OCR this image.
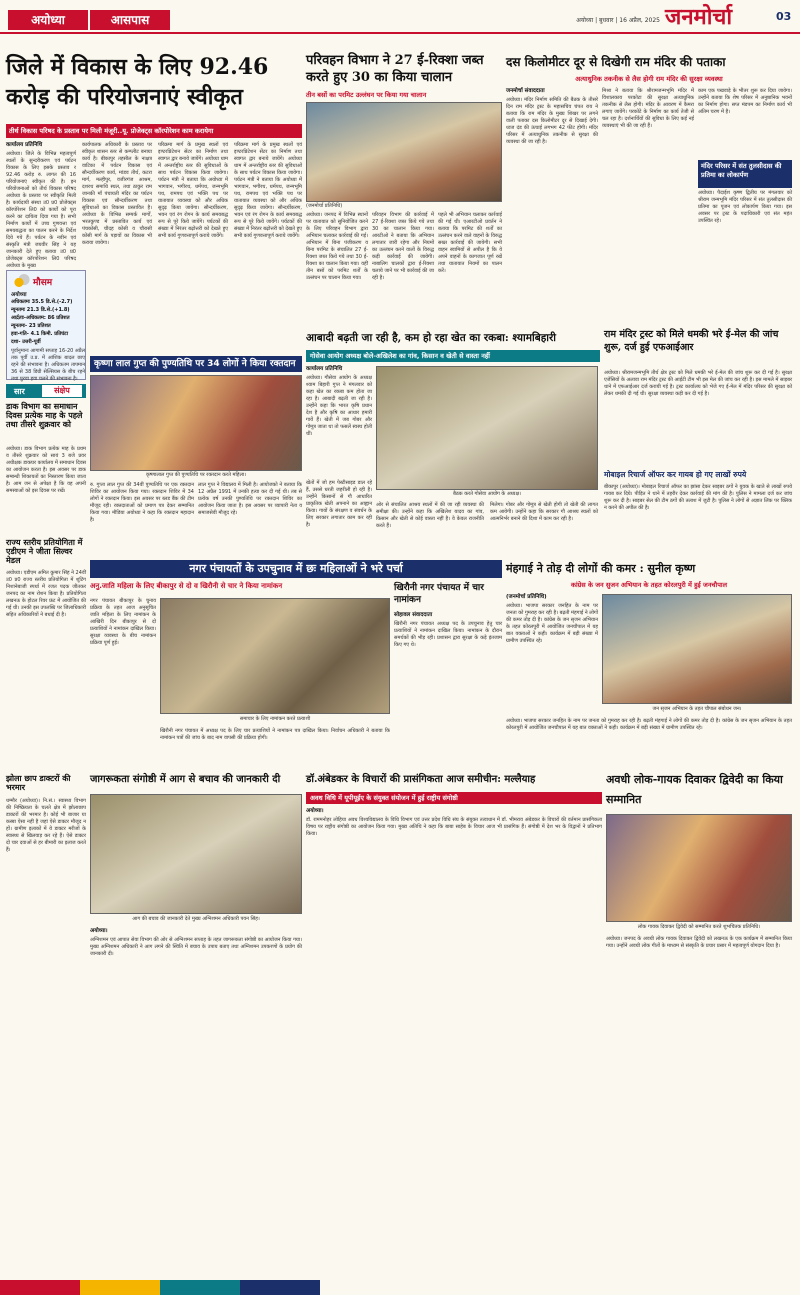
अयोध्या	आसपास	अयोध्या | बुधवार | 16 अप्रैल, 2025 जनमोर्चा	03
जिले में विकास के लिए 92.46 करोड़ की परियोजनाएं स्वीकृत
तीर्थ विकास परिषद के प्रस्ताव पर मिली मंजूरी..यू. प्रोजेक्ट्स कॉरपोरेशन काम करायेगा
कार्यालय प्रतिनिधि
अयोध्या। जिले के विभिन्न महत्वपूर्ण स्थलों के सुन्दरीकरण एवं पर्यटन विकास के लिए इसके प्रस्ताव र 92.46 करोड़ रु. लागत की 16 परियोजनाएं स्वीकृत की है। इन परियोजनाओं को तीर्थ विकास परिषद अयोध्या के प्रस्ताव पर स्वीकृति मिली है। कार्यदायी संस्था उ0 प्र0 प्रोजेक्ट्स कॉरपोरेशन लि0 को कार्यों को पूरा करने का दायित्व दिया गया है। सभी निर्माण कार्यों में उच्च गुणवत्ता एवं समयबद्धता का पालन करने के निर्देश दिये गये हैं। पर्यटन के नवीन एवं संस्कृति मंत्री जयवीर सिंह ने यह जानकारी देते हुए बताया उ0 प्र0 प्रोजेक्ट्स कॉरपोरेशन लि0 परिषद अयोध्या के मुख्य
कार्यपालक अधिकारी के प्रस्ताव पर स्वीकृत शासन स्तर से कम्प्लीट बनाया कार्य है। बीकापुर तहसील के नाक्षत्र वाटिका में पर्यटन विकास एवं सौन्दर्यीकरण कार्य, मांडव तीर्थ, कटरा मार्ग, मल्हीपुर, वजीरगंज आश्रम, दशरथ समाधि स्थल, तथा ठाकुर राम जानकी माँ पंचायती मंदिर का पर्यटन विकास एवं सौन्दर्यीकरण तथा सुविधाओं का विकास प्रस्तावित है। अयोध्या के विभिन्न सम्पर्क मार्गों, भरतकुण्ड में प्रस्तावित कार्य एवं पंचकोसी, चौदह कोसी व चौरासी कोसी मार्ग के पड़ावों का विकास भी कराया जायेगा।
परिक्रमा मार्ग के प्रमुख स्थलों एवं इण्टरप्रिटेशन सेंटर का निर्माण तथा स्वागत द्वार बनाये जायेंगे। अयोध्या धाम में अन्तर्राष्ट्रीय स्तर की सुविधाओं के साथ पर्यटन विकास किया जायेगा। पर्यटन मंत्री ने बताया कि अयोध्या में भागवान, भगीरथ, धर्मपथ, जन्मभूमि पथ, रामपथ एवं भक्ति पथ पर यातायात व्यवस्था को और अधिक सुदृढ़ किया जायेगा। सौन्दर्यीकरण, भवन एवं रंग रोगन के कार्य समयबद्ध रूप से पूरे किये जायेंगे। पर्यटकों की संख्या में निरंतर बढ़ोत्तरी को देखते हुए सभी कार्य गुणवत्तापूर्ण कराये जायेंगे।
परिक्रमा मार्ग के प्रमुख स्थलों एवं इण्टरप्रिटेशन सेंटर का निर्माण तथा स्वागत द्वार बनाये जायेंगे। अयोध्या धाम में अन्तर्राष्ट्रीय स्तर की सुविधाओं के साथ पर्यटन विकास किया जायेगा। पर्यटन मंत्री ने बताया कि अयोध्या में भागवान, भगीरथ, धर्मपथ, जन्मभूमि पथ, रामपथ एवं भक्ति पथ पर यातायात व्यवस्था को और अधिक सुदृढ़ किया जायेगा। सौन्दर्यीकरण, भवन एवं रंग रोगन के कार्य समयबद्ध रूप से पूरे किये जायेंगे। पर्यटकों की संख्या में निरंतर बढ़ोत्तरी को देखते हुए सभी कार्य गुणवत्तापूर्ण कराये जायेंगे।
मौसम
अयोध्या
अधिकतमः 35.5 डि.से.(-2.7)
न्यूनतमः 21.3 डि.से.(+1.8)
आर्द्रताः-अधिकतम: 86 प्रतिशत
न्यूनतमः- 23 प्रतिशत
हवा-गति- 4.1 किमी. प्रतिघंटा
दशा- उत्तरी-पूर्वी
पूर्वानुमानः आगामी सप्ताह 16-20 अप्रैल तक पूर्वी उ.प्र. में आंशिक बादल छाए रहने की संभावना है। अधिकतम तापमान 36 से 38 डिग्री सेल्सियस के बीच रहने तथा पुरवा हवा चलने की संभावना है।
सार	संक्षेप
डाक विभाग का समाधान दिवस प्रत्येक माह के पहले तथा तीसरे शुक्रवार को
अयोध्या। डाक विभाग प्रत्येक माह के प्रथम व तीसरे शुक्रवार को सायं 3 बजे प्रवर अधीक्षक डाकघर कार्यालय में समाधान दिवस का आयोजन करता है। इस अवसर पर डाक सम्बन्धी शिकायतों का निस्तारण किया जाता है। आम जन से अपेक्षा है कि वह अपनी समस्याओं को इस दिवस पर रखें।
राज्य स्तरीय प्रतियोगिता में एडीएम ने जीता सिल्वर मेडल
अयोध्या। एडीएम अमित कुमार सिंह ने 24वीं उ0 प्र0 राज्य स्तरीय प्रतियोगिता में शूटिंग निशानेबाजी स्पर्धा में रजत पदक जीतकर जनपद का नाम रोशन किया है। प्रतियोगिता लखनऊ के होटल रिवर फ्रंट में आयोजित की गई थी। उनकी इस उपलब्धि पर जिलाधिकारी सहित अधिकारियों ने बधाई दी है।
झोला छाप डाक्टरों की भरमार
धम्मौर (अयोध्या)। नि.सं.। स्वास्थ्य विभाग की निष्क्रियता के चलते क्षेत्र में झोलाछाप डाक्टरों की भरमार है। कोई भी बाजार या कस्बा ऐसा नहीं है जहां ऐसे डाक्टर मौजूद न हों। ग्रामीण इलाकों में ये डाक्टर मरीजों के स्वास्थ्य से खिलवाड़ कर रहे हैं। ऐसे डाक्टर दो चार दवाओं से हर बीमारी का इलाज करते हैं।
कृष्णा लाल गुप्त की पुण्यतिथि पर 34 लोगों ने किया रक्तदान
कृष्णालाल गुप्त की पुण्यतिथि पर रक्तदान करते महिला।
रु. गुप्ता लाल गुप्त की 34वीं पुण्यतिथि पर एक रक्तदान शिविर का आयोजन किया गया। रक्तदान शिविर में 34 लोगों ने रक्तदान किया। इस अवसर पर ब्लड बैंक की टीम मौजूद रही। रक्तदाताओं को प्रमाण पत्र देकर सम्मानित किया गया। मीडिया अयोध्या ने कहा कि रक्तदान महादान है।
लाल गुप्त ने विद्यालय में मिली है। आयोजको ने बताया कि 12 अप्रैल 1991 में उनकी हत्या कर दी गई थी। तब से प्रत्येक वर्ष उनकी पुण्यतिथि पर रक्तदान शिविर का आयोजन किया जाता है। इस अवसर पर व्यापारी नेता व समाजसेवी मौजूद रहे।
परिवहन विभाग ने 27 ई-रिक्शा जब्त करते हुए 30 का किया चालान
तीन बसों का परमिट उल्लंघन पर किया गया चालान
(जनमोर्चा प्रतिनिधि)
अयोध्या। जनपद में विभिन्न स्थानों पर यातायात को सुनियोजित करने के लिए परिवहन विभाग द्वारा अभियान चलाकर कार्रवाई की गई। अभियान में बिना पंजीकरण व बिना परमिट के संचालित 27 ई-रिक्शा जब्त किये गये तथा 30 ई-रिक्शा का चालान किया गया। वहीं तीन बसों को परमिट शर्तों के उल्लंघन पर चालान किया गया।
परिवहन विभाग की कार्रवाई में 27 ई-रिक्शा जब्त किये गये तथा 30 का चालान किया गया। आरटीओ ने बताया कि अभियान लगातार जारी रहेगा और नियमों का उल्लंघन करने वालों के विरुद्ध कड़ी कार्रवाई की जायेगी। नाबालिग चालकों द्वारा ई-रिक्शा चलाये जाने पर भी कार्रवाई की जा रही है।
पहले भी अभियान चलाकर कार्रवाई की गई थी। एआरटीओ प्रवर्तन ने बताया कि परमिट की शर्तों का उल्लंघन करने वाले वाहनों के विरुद्ध सख्त कार्रवाई की जायेगी। सभी वाहन स्वामियों से अपील है कि वे अपने वाहनों के कागजात पूर्ण रखें तथा यातायात नियमों का पालन करें।
आबादी बढ़ती जा रही है, कम हो रहा खेत का रकबा: श्यामबिहारी
गोसेवा आयोग अध्यक्ष बोले-अखिलेश का गांव, किसान व खेती से वास्ता नहीं
कार्यालय प्रतिनिधि
अयोध्या। गौसेवा आयोग के अध्यक्ष श्याम बिहारी गुप्त ने मंगलवार को कहा खेत का रकबा कम होता जा रहा है। आबादी बढ़ती जा रही है। उन्होंने कहा कि भारत कृषि प्रधान देश है और कृषि का आधार हमारी गायें हैं। खेती में जब गोबर और गोमूत्र जाता था तो फसलें स्वस्थ होती थीं।
बैठक करते गोसेवा आयोग के अध्यक्ष।
खेतों में जो हम पेस्टीसाइड डाल रहे हैं, उससे धरती जहरीली हो रही है। उन्होंने किसानों से गौ आधारित प्राकृतिक खेती अपनाने का आह्वान किया। गायों के संरक्षण व संवर्धन के लिए सरकार लगातार काम कर रही है।
ओर से संचालित आश्रय स्थलों में की जा रही व्यवस्था की समीक्षा की। उन्होंने कहा कि अखिलेश यादव का गांव, किसान और खेती से कोई वास्ता नहीं है। वे केवल राजनीति करते हैं।
मिलेगा। गोबर और गोमूत्र से खेती होगी तो खेती की लागत कम आयेगी। उन्होंने कहा कि सरकार गौ आश्रय स्थलों को आत्मनिर्भर बनाने की दिशा में काम कर रही है।
दस किलोमीटर दूर से दिखेगी राम मंदिर की पताका
अत्याधुनिक तकनीक से लैस होगी राम मंदिर की सुरक्षा व्यवस्था
जनमोर्चा संवाददाता
अयोध्या। मंदिर निर्माण समिति की बैठक के तीसरे दिन राम मंदिर ट्रस्ट के महासचिव चंपत राय ने बताया कि राम मंदिर के मुख्य शिखर पर लगने वाली पताका दस किलोमीटर दूर से दिखाई देगी। ध्वज दंड की ऊंचाई लगभग 42 फीट होगी। मंदिर परिसर में अत्याधुनिक तकनीक से सुरक्षा की व्यवस्था की जा रही है।
मिश्रा ने बताया कि श्रीरामजन्मभूमि मंदिर में विशालकाय परकोटा की सुरक्षा अत्याधुनिक तकनीक से लैस होगी। मंदिर के आवरण में कैमरा लगाए जायेंगे। परकोटे के निर्माण का कार्य तेजी से चल रहा है। दर्शनार्थियों की सुविधा के लिए कई नई व्यवस्थाएं भी की जा रही हैं।
काम एक पखवाड़े के भीतर शुरू कर दिया जायेगा। उन्होंने बताया कि शेष परिसर में अनुष्ठानिक भवनों का निर्माण होगा। सप्त मंडपम का निर्माण कार्य भी अंतिम चरण में है।
मंदिर परिसर में संत तुलसीदास की प्रतिमा का लोकार्पण
अयोध्या। पैदाईश कृष्ण द्वितीय पर मंगलवार को श्रीराम जन्मभूमि मंदिर परिसर में संत तुलसीदास की प्रतिमा का पूजन एवं लोकार्पण किया गया। इस अवसर पर ट्रस्ट के पदाधिकारी एवं संत महंत उपस्थित रहे।
राम मंदिर ट्रस्ट को मिले धमकी भरे ई-मेल की जांच शुरू, दर्ज हुई एफआईआर
अयोध्या। श्रीरामजन्मभूमि तीर्थ क्षेत्र ट्रस्ट को मिले धमकी भरे ई-मेल की जांच शुरू कर दी गई है। सुरक्षा एजेंसियों के अलावा राम मंदिर ट्रस्ट की आईटी टीम भी इस मेल की जांच कर रही है। इस मामले में साइबर थाने में एफआईआर दर्ज करायी गई है। ट्रस्ट कार्यालय को भेजे गए ई-मेल में मंदिर परिसर की सुरक्षा को लेकर धमकी दी गई थी। सुरक्षा व्यवस्था कड़ी कर दी गई है।
मोबाइल रिचार्ज ऑफर कर गायब हो गए लाखों रुपये
बीकापुर (अयोध्या)। मोबाइल रिचार्ज ऑफर का झांसा देकर साइबर ठगों ने युवक के खाते से लाखों रुपये गायब कर दिये। पीड़ित ने थाने में तहरीर देकर कार्रवाई की मांग की है। पुलिस ने मामला दर्ज कर जांच शुरू कर दी है। साइबर सेल की टीम ठगों की तलाश में जुटी है। पुलिस ने लोगों से अज्ञात लिंक पर क्लिक न करने की अपील की है।
नगर पंचायतों के उपचुनाव में छः महिलाओं ने भरे पर्चा
अनु.जाति महिला के लिए बीकापुर से दो व खिरौनी से चार ने किया नामांकन
नगर पंचायत बीकापुर के चुनाव प्रक्रिया के तहत आज अनुसूचित जाति महिला के लिए नामांकन के आखिरी दिन बीकापुर से दो प्रत्याशियों ने नामांकन दाखिल किया। सुरक्षा व्यवस्था के बीच नामांकन प्रक्रिया पूर्ण हुई।
समाचार के लिए नामांकन करते प्रत्याशी
खिरौनी नगर पंचायत में अध्यक्ष पद के लिए चार प्रत्याशियों ने नामांकन पत्र दाखिल किया। निर्वाचन अधिकारी ने बताया कि नामांकन पत्रों की जांच के बाद नाम वापसी की प्रक्रिया होगी।
खिरौनी नगर पंचायत में चार नामांकन
सोहावल संवाददाता
खिरौनी नगर पंचायत अध्यक्ष पद के उपचुनाव हेतु चार प्रत्याशियों ने नामांकन दाखिल किया। नामांकन के दौरान समर्थकों की भीड़ रही। प्रशासन द्वारा सुरक्षा के कड़े इंतजाम किए गए थे।
मंहगाई ने तोड़ दी लोगों की कमर : सुनील कृष्ण
कांग्रेस के जन सुजन अभियान के तहत कोरलपुरी में हुई जनचौपाल
(जनमोर्चा प्रतिनिधि)
अयोध्या। भाजपा सरकार जनहित के नाम पर जनता को गुमराह कर रही है। बढ़ती मंहगाई ने लोगों की कमर तोड़ दी है। कांग्रेस के जन सृजन अभियान के तहत कोरलपुरी में आयोजित जनचौपाल में यह बात वक्ताओं ने कही। कार्यक्रम में बड़ी संख्या में ग्रामीण उपस्थित रहे।
जन सृजन अभियान के तहत चौपाल संबोधन जन।
अयोध्या। भाजपा सरकार जनहित के नाम पर जनता को गुमराह कर रही है। बढ़ती मंहगाई ने लोगों की कमर तोड़ दी है। कांग्रेस के जन सृजन अभियान के तहत कोरलपुरी में आयोजित जनचौपाल में यह बात वक्ताओं ने कही। कार्यक्रम में बड़ी संख्या में ग्रामीण उपस्थित रहे।
जागरूकता संगोष्ठी में आग से बचाव की जानकारी दी
आग की बचाव की जानकारी देते मुख्य अग्निशमन अधिकारी पवन सिंह।
अयोध्या।
अग्निशमन एवं आपात सेवा विभाग की ओर से अग्निशमन सप्ताह के तहत जागरूकता संगोष्ठी का आयोजन किया गया। मुख्य अग्निशमन अधिकारी ने आग लगने की स्थिति में बचाव के उपाय बताए तथा अग्निशमन उपकरणों के प्रयोग की जानकारी दी।
डॉ.अंबेडकर के विचारों की प्रासंगिकता आज समीचीन: मल्लैयाह
अवध विधि में यूपीयूईए के संयुक्त संयोजन में हुई राष्ट्रीय संगोष्ठी
अयोध्या।
डॉ. राममनोहर लोहिया अवध विश्वविद्यालय के विधि विभाग एवं उत्तर प्रदेश विधि संघ के संयुक्त तत्वाधान में डॉ. भीमराव अंबेडकर के विचारों की वर्तमान प्रासंगिकता विषय पर राष्ट्रीय संगोष्ठी का आयोजन किया गया। मुख्य अतिथि ने कहा कि बाबा साहेब के विचार आज भी प्रासंगिक हैं। संगोष्ठी में देश भर के विद्वानों ने प्रतिभाग किया।
अवधी लोक-गायक दिवाकर द्विवेदी का किया सम्मानित
लोक गायक दिवाकर द्विवेदी को सम्मानित करते शुभचिंतक प्रतिनिधि।
अयोध्या। जनपद के अवधी लोक गायक दिवाकर द्विवेदी को लखनऊ के एक कार्यक्रम में सम्मानित किया गया। उन्होंने अवधी लोक गीतों के माध्यम से संस्कृति के प्रचार प्रसार में महत्वपूर्ण योगदान दिया है।
